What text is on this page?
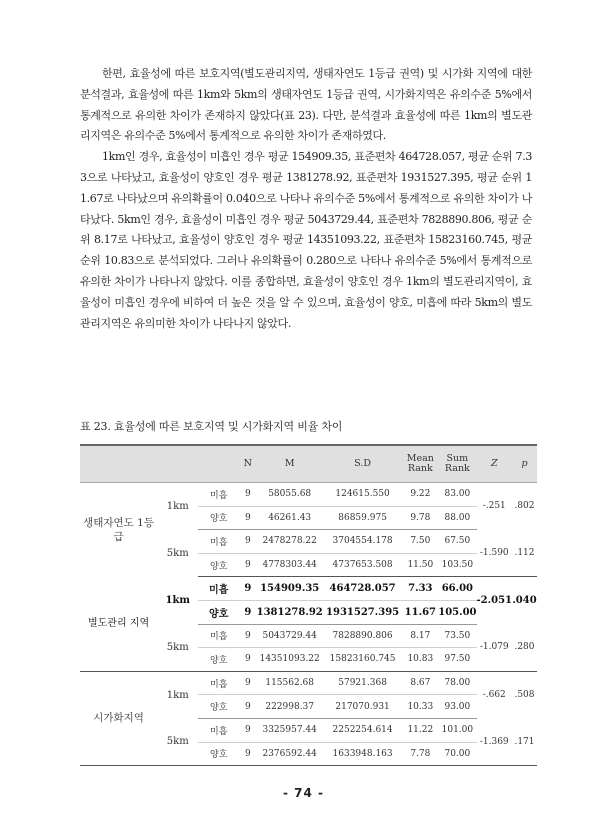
한편, 효율성에 따른 보호지역(별도관리지역, 생태자연도 1등급 권역) 및 시가화 지역에 대한 분석결과, 효율성에 따른 1km와 5km의 생태자연도 1등급 권역, 시가화지역은 유의수준 5%에서 통계적으로 유의한 차이가 존재하지 않았다(표 23). 다만, 분석결과 효율성에 따른 1km의 별도관리지역은 유의수준 5%에서 통계적으로 유의한 차이가 존재하였다.

1km인 경우, 효율성이 미흡인 경우 평균 154909.35, 표준편차 464728.057, 평균 순위 7.33으로 나타났고, 효율성이 양호인 경우 평균 1381278.92, 표준편차 1931527.395, 평균 순위 11.67로 나타났으며 유의확률이 0.040으로 나타나 유의수준 5%에서 통계적으로 유의한 차이가 나타났다. 5km인 경우, 효율성이 미흡인 경우 평균 5043729.44, 표준편차 7828890.806, 평균 순위 8.17로 나타났고, 효율성이 양호인 경우 평균 14351093.22, 표준편차 15823160.745, 평균 순위 10.83으로 분석되었다. 그러나 유의확률이 0.280으로 나타나 유의수준 5%에서 통계적으로 유의한 차이가 나타나지 않았다. 이를 종합하면, 효율성이 양호인 경우 1km의 별도관리지역이, 효율성이 미흡인 경우에 비하여 더 높은 것을 알 수 있으며, 효율성이 양호, 미흡에 따라 5km의 별도관리지역은 유의미한 차이가 나타나지 않았다.

표 23. 효율성에 따른 보호지역 및 시가화지역 비율 차이

			N	M	S.D	Mean Rank	Sum Rank	Z	p
생태자연도 1등급	1km	미흡	9	58055.68	124615.550	9.22	83.00	-.251	.802
		양호	9	46261.43	86859.975	9.78	88.00		
	5km	미흡	9	2478278.22	3704554.178	7.50	67.50	-1.590	.112
		양호	9	4778303.44	4737653.508	11.50	103.50		
별도관리 지역	1km	미흡	9	154909.35	464728.057	7.33	66.00	-2.051	.040
		양호	9	1381278.92	1931527.395	11.67	105.00		
	5km	미흡	9	5043729.44	7828890.806	8.17	73.50	-1.079	.280
		양호	9	14351093.22	15823160.745	10.83	97.50		
시가화지역	1km	미흡	9	115562.68	57921.368	8.67	78.00	-.662	.508
		양호	9	222998.37	217070.931	10.33	93.00		
	5km	미흡	9	3325957.44	2252254.614	11.22	101.00	-1.369	.171
		양호	9	2376592.44	1633948.163	7.78	70.00		
- 74 -
